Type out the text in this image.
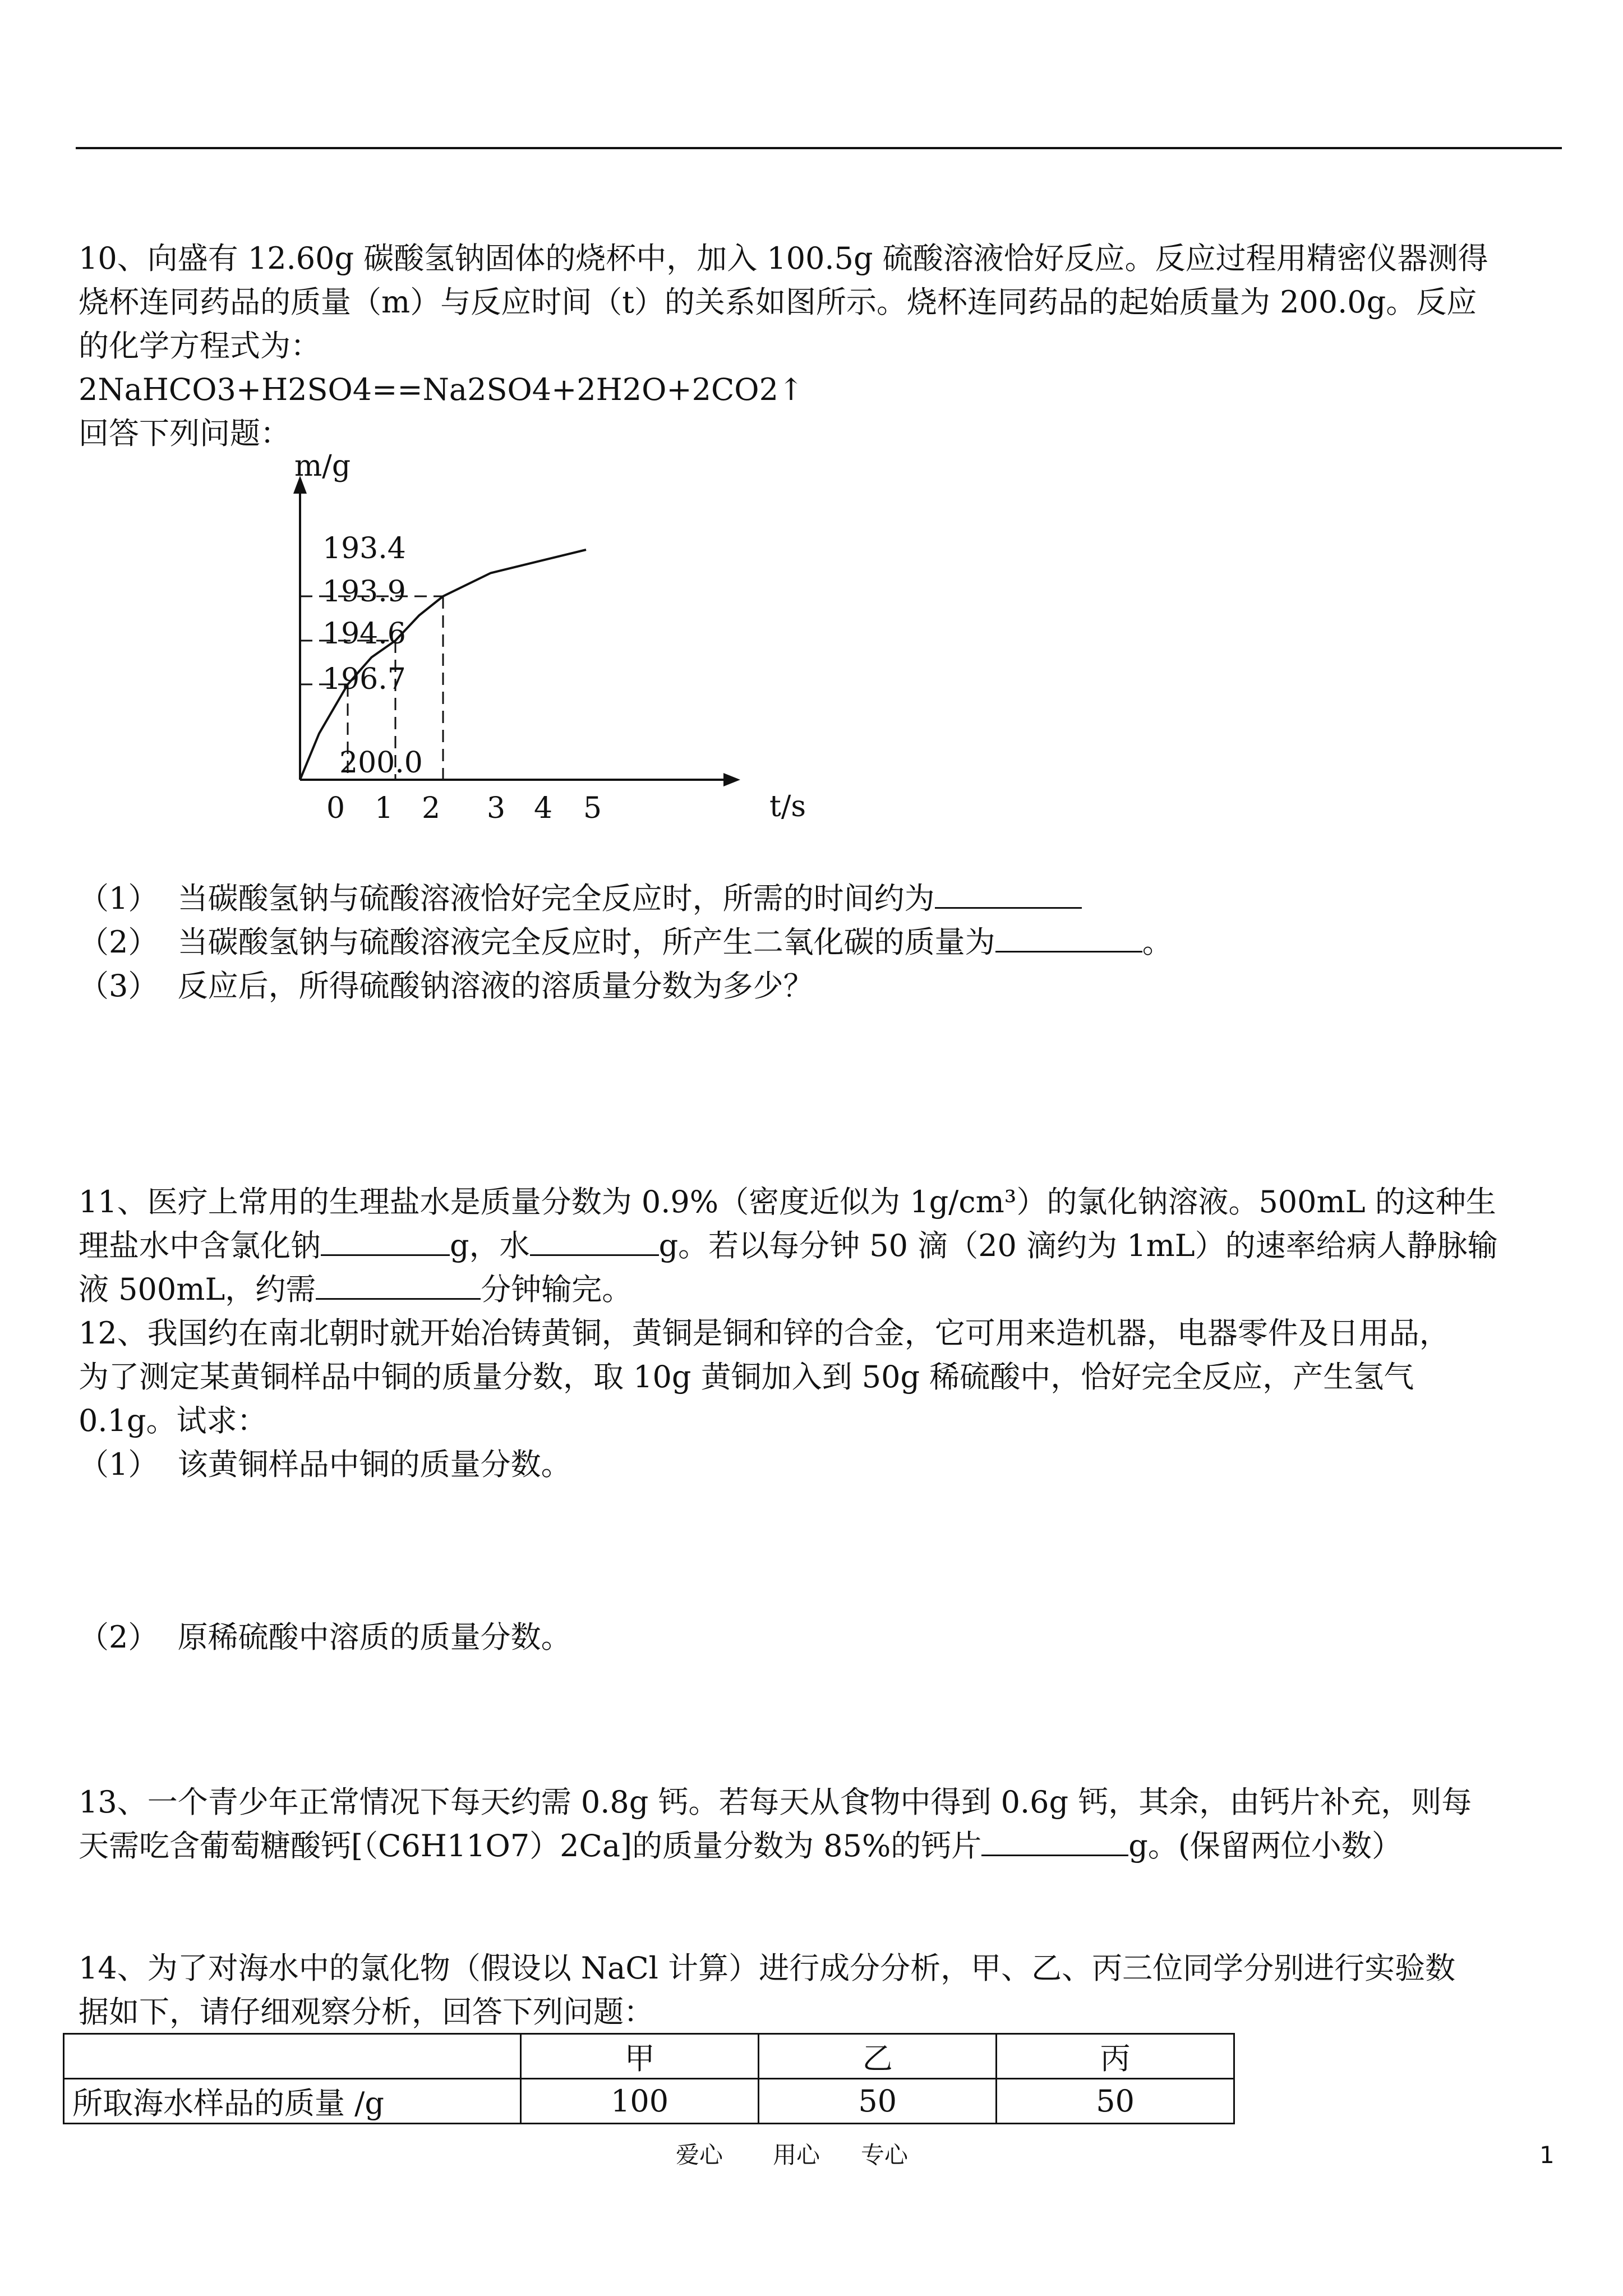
10、向盛有 12.60g 碳酸氢钠固体的烧杯中，加入 100.5g 硫酸溶液恰好反应。反应过程用精密仪器测得
烧杯连同药品的质量（m）与反应时间（t）的关系如图所示。烧杯连同药品的起始质量为 200.0g。反应
的化学方程式为：
2NaHCO3+H2SO4==Na2SO4+2H2O+2CO2↑
回答下列问题：
m/g
t/s
193.4
193.9
194.6
196.7
200.0
0 1 2 3 4 5
（1）  当碳酸氢钠与硫酸溶液恰好完全反应时，所需的时间约为
（2）  当碳酸氢钠与硫酸溶液完全反应时，所产生二氧化碳的质量为	。
（3）  反应后，所得硫酸钠溶液的溶质量分数为多少？
11、医疗上常用的生理盐水是质量分数为 0.9%（密度近似为 1g/cm³）的氯化钠溶液。500mL 的这种生
理盐水中含氯化钠	g，水	g。若以每分钟 50 滴（20 滴约为 1mL）的速率给病人静脉输
液 500mL，约需	分钟输完。
12、我国约在南北朝时就开始冶铸黄铜，黄铜是铜和锌的合金，它可用来造机器，电器零件及日用品，
为了测定某黄铜样品中铜的质量分数，取 10g 黄铜加入到 50g 稀硫酸中，恰好完全反应，产生氢气
0.1g。试求：
（1）  该黄铜样品中铜的质量分数。
（2）  原稀硫酸中溶质的质量分数。
13、一个青少年正常情况下每天约需 0.8g 钙。若每天从食物中得到 0.6g 钙，其余，由钙片补充，则每
天需吃含葡萄糖酸钙[（C6H11O7）2Ca]的质量分数为 85%的钙片	g。(保留两位小数）
14、为了对海水中的氯化物（假设以 NaCl 计算）进行成分分析，甲、乙、丙三位同学分别进行实验数
据如下，请仔细观察分析，回答下列问题：
	甲	乙	丙
所取海水样品的质量 /g	100	50	50
爱心 用心 专心	1
